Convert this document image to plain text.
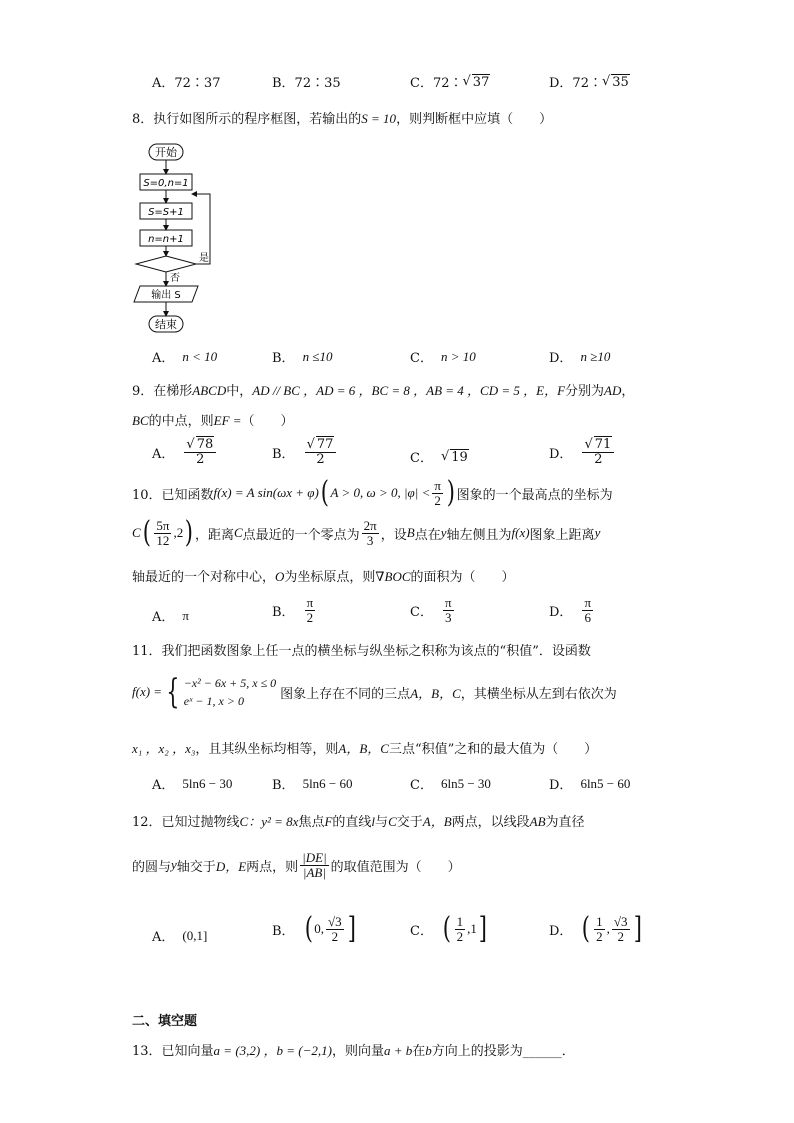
A．72∶37	B．72∶35	C．72∶ √ 37	D．72∶ √ 35
8．执行如图所示的程序框图，若输出的S = 10，则判断框中应填（　　）
开始
S=0,n=1
S=S+1
n=n+1
是
否
输出 S
结束
A． n < 10	B． n ≤10	C． n > 10	D． n ≥10
9．在梯形ABCD中，AD // BC ，AD = 6 ，BC = 8 ，AB = 4 ，CD = 5 ，E，F分别为AD，
BC的中点，则EF =（　　）
A． $\frac{√ 78}{2}$	B． $\frac{√ 77}{2}$	C． √ 19	D． $\frac{√ 71}{2}$
10．已知函数 f(x) = A sin(ωx + φ) ( A > 0, ω > 0, $|\varphi| < \frac{\pi}{2}$ ) 图象的一个最高点的坐标为
C ( $\frac{5\pi}{12} ,2$ ) ，距离 C 点最近的一个零点为 $\frac{2\pi}{3}$ ，设 B 点在 y 轴左侧且为 f(x) 图象上距离 y
轴最近的一个对称中心，O为坐标原点，则∇BOC的面积为（　　）
A． π	B． $\frac{\pi}{2}$	C． $\frac{\pi}{3}$	D． $\frac{\pi}{6}$
11．我们把函数图象上任一点的横坐标与纵坐标之积称为该点的“积值”．设函数
f(x) = { −x² − 6x + 5, x ≤ 0
eˣ − 1, x > 0	图象上存在不同的三点 A，B，C ，其横坐标从左到右依次为
x₁ ，x₂ ，x₃，且其纵坐标均相等，则A，B，C三点“积值”之和的最大值为（　　）
A． 5ln6 − 30	B． 5ln6 − 60	C． 6ln5 − 30	D． 6ln5 − 60
12．已知过抛物线C：y² = 8x焦点F的直线l与C交于A，B两点，以线段AB为直径
的圆与 y 轴交于 D，E 两点，则 $\frac{|DE|}{|AB|}$ 的取值范围为（　　）
A． (0,1]	B． ( 0, $\frac{√3}{2}$ ]	C． ( $\frac{1}{2} ,1$ ]	D． ( $\frac{1}{2}$ , $\frac{√3}{2}$ ]
二、填空题
13．已知向量a = (3,2) ，b = (−2,1)，则向量a + b在b方向上的投影为______．
